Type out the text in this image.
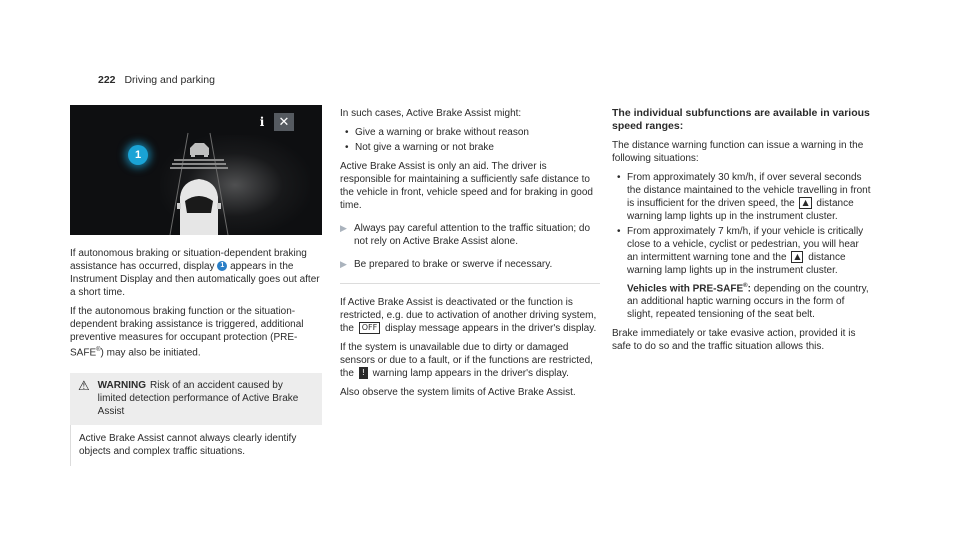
222 Driving and parking
1
i	✕

If autonomous braking or situation-dependent braking assistance has occurred, display 1 appears in the Instrument Display and then automatically goes out after a short time.

If the autonomous braking function or the situation-dependent braking assistance is triggered, additional preventive measures for occupant protection (PRE-SAFE®) may also be initiated.

⚠ WARNING Risk of an accident caused by limited detection performance of Active Brake Assist
Active Brake Assist cannot always clearly identify objects and complex traffic situations.

In such cases, Active Brake Assist might:

• Give a warning or brake without reason
• Not give a warning or not brake

Active Brake Assist is only an aid. The driver is responsible for maintaining a sufficiently safe distance to the vehicle in front, vehicle speed and for braking in good time.

▶ Always pay careful attention to the traffic situation; do not rely on Active Brake Assist alone.
▶ Be prepared to brake or swerve if necessary.

If Active Brake Assist is deactivated or the function is restricted, e.g. due to activation of another driving system, the OFF display message appears in the driver's display.

If the system is unavailable due to dirty or damaged sensors or due to a fault, or if the functions are restricted, the ! warning lamp appears in the driver's display.

Also observe the system limits of Active Brake Assist.

The individual subfunctions are available in various speed ranges:

The distance warning function can issue a warning in the following situations:

• From approximately 30 km/h, if over several seconds the distance maintained to the vehicle travelling in front is insufficient for the driven speed, the ▲ distance warning lamp lights up in the instrument cluster.
• From approximately 7 km/h, if your vehicle is critically close to a vehicle, cyclist or pedestrian, you will hear an intermittent warning tone and the ▲ distance warning lamp lights up in the instrument cluster.
Vehicles with PRE-SAFE®: depending on the country, an additional haptic warning occurs in the form of slight, repeated tensioning of the seat belt.

Brake immediately or take evasive action, provided it is safe to do so and the traffic situation allows this.
